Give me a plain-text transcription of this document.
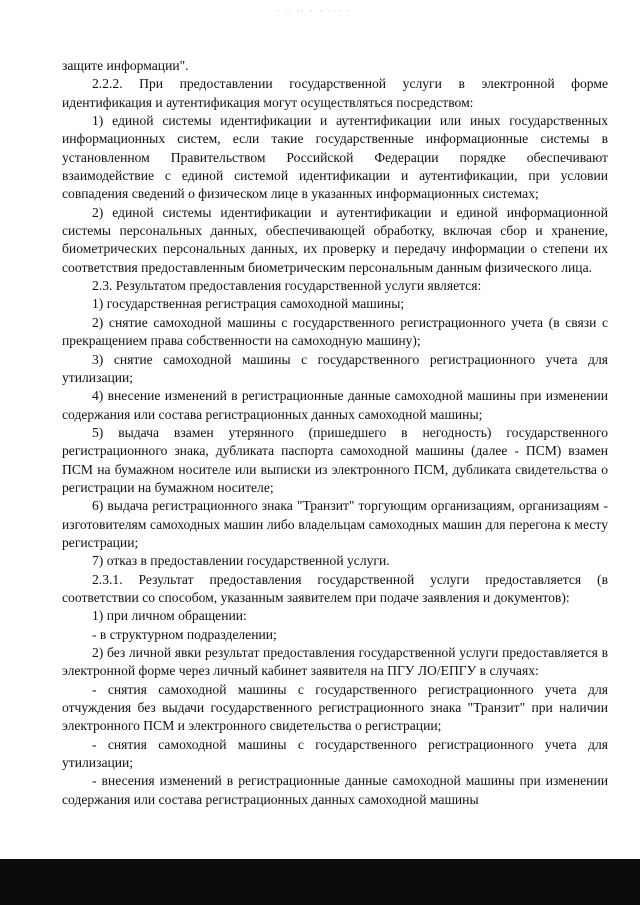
· · ·· · · ··· ·

защите информации".

2.2.2. При предоставлении государственной услуги в электронной форме идентификация и аутентификация могут осуществляться посредством:

1) единой системы идентификации и аутентификации или иных государственных информационных систем, если такие государственные информационные системы в установленном Правительством Российской Федерации порядке обеспечивают взаимодействие с единой системой идентификации и аутентификации, при условии совпадения сведений о физическом лице в указанных информационных системах;

2) единой системы идентификации и аутентификации и единой информационной системы персональных данных, обеспечивающей обработку, включая сбор и хранение, биометрических персональных данных, их проверку и передачу информации о степени их соответствия предоставленным биометрическим персональным данным физического лица.

2.3. Результатом предоставления государственной услуги является:

1) государственная регистрация самоходной машины;

2) снятие самоходной машины с государственного регистрационного учета (в связи с прекращением права собственности на самоходную машину);

3) снятие самоходной машины с государственного регистрационного учета для утилизации;

4) внесение изменений в регистрационные данные самоходной машины при изменении содержания или состава регистрационных данных самоходной машины;

5) выдача взамен утерянного (пришедшего в негодность) государственного регистрационного знака, дубликата паспорта самоходной машины (далее - ПСМ) взамен ПСМ на бумажном носителе или выписки из электронного ПСМ, дубликата свидетельства о регистрации на бумажном носителе;

6) выдача регистрационного знака "Транзит" торгующим организациям, организациям - изготовителям самоходных машин либо владельцам самоходных машин для перегона к месту регистрации;

7) отказ в предоставлении государственной услуги.

2.3.1. Результат предоставления государственной услуги предоставляется (в соответствии со способом, указанным заявителем при подаче заявления и документов):

1) при личном обращении:

- в структурном подразделении;

2) без личной явки результат предоставления государственной услуги предоставляется в электронной форме через личный кабинет заявителя на ПГУ ЛО/ЕПГУ в случаях:

- снятия самоходной машины с государственного регистрационного учета для отчуждения без выдачи государственного регистрационного знака "Транзит" при наличии электронного ПСМ и электронного свидетельства о регистрации;

- снятия самоходной машины с государственного регистрационного учета для утилизации;

- внесения изменений в регистрационные данные самоходной машины при изменении содержания или состава регистрационных данных самоходной машины
